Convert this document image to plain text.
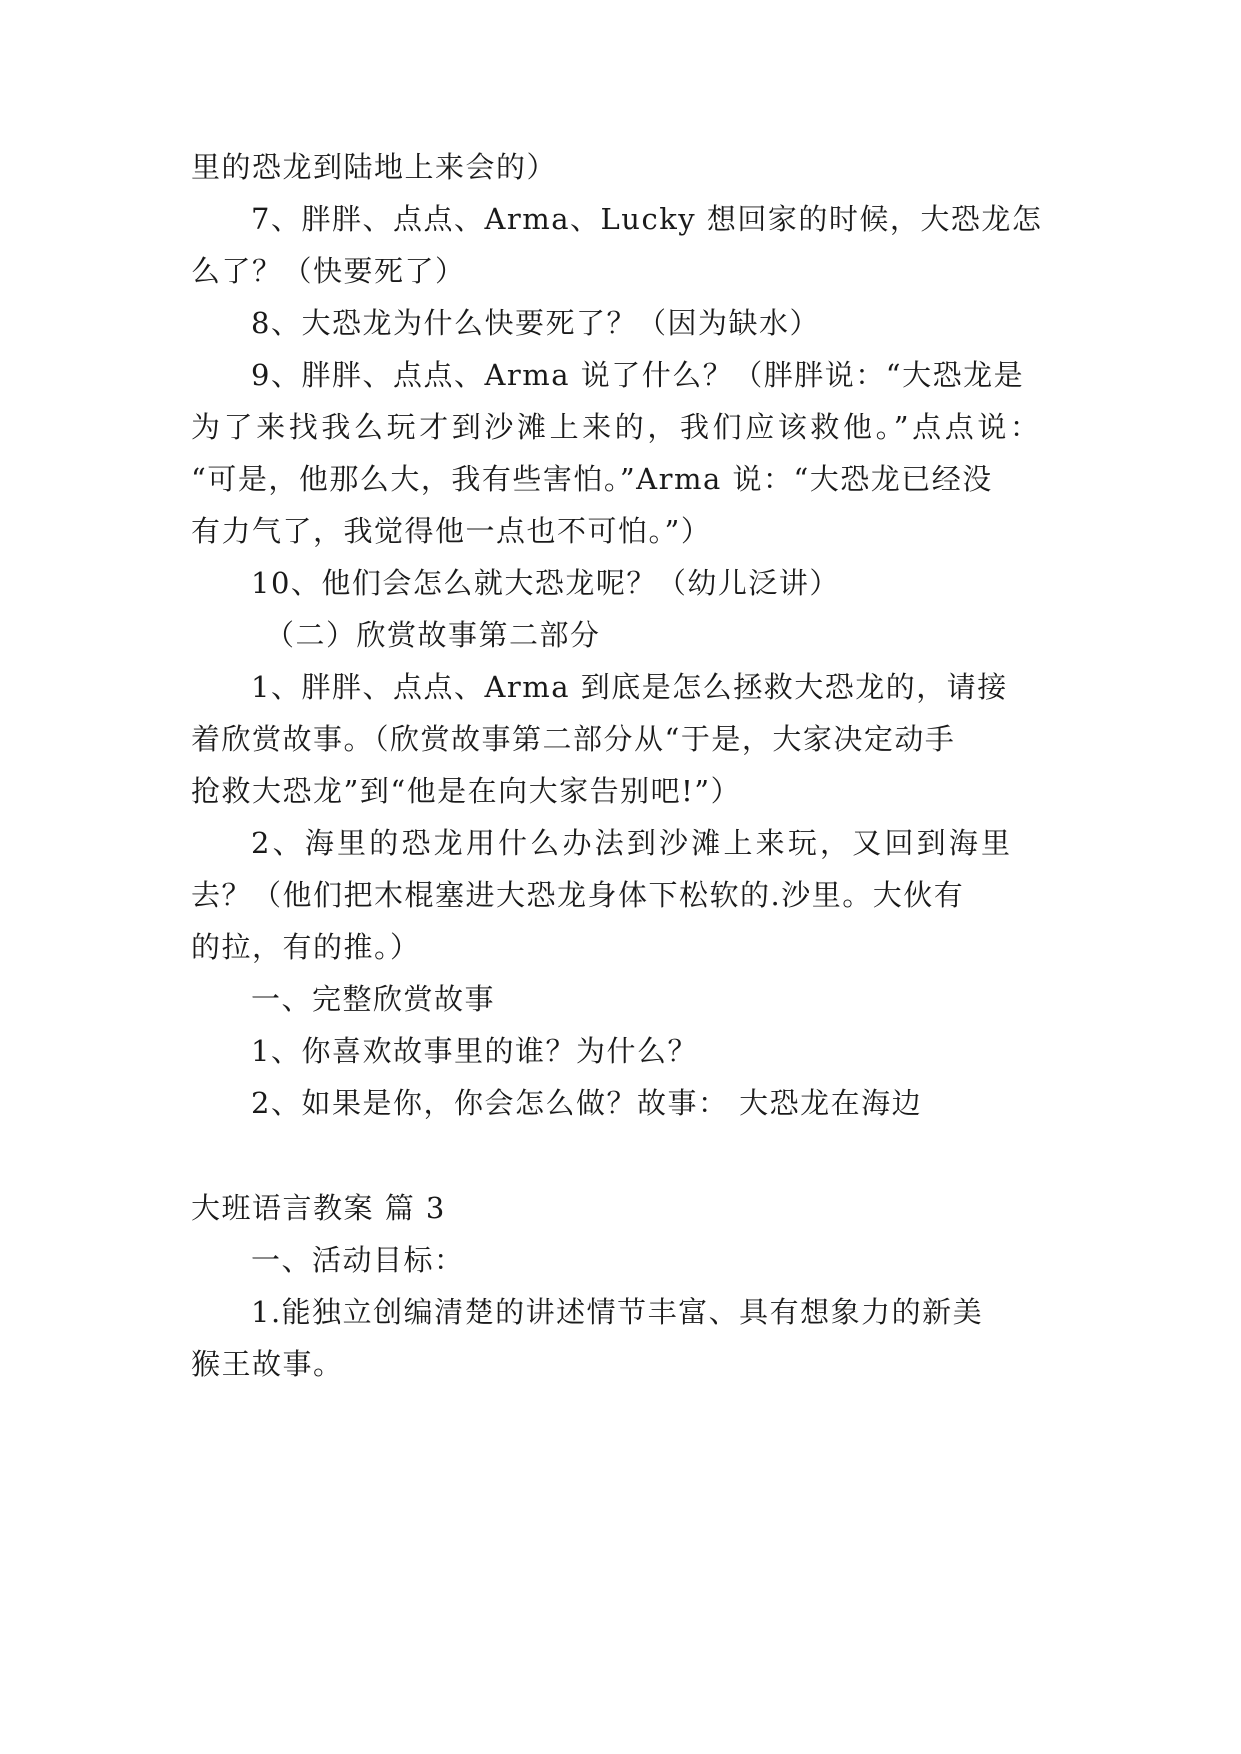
里的恐龙到陆地上来会的）
7、胖胖、点点、Arma、Lucky 想回家的时候，大恐龙怎
么了？（快要死了）
8、大恐龙为什么快要死了？（因为缺水）
9、胖胖、点点、Arma 说了什么？（胖胖说：“大恐龙是
为了来找我么玩才到沙滩上来的，我们应该救他。”点点说：
“可是，他那么大，我有些害怕。”Arma 说：“大恐龙已经没
有力气了，我觉得他一点也不可怕。”）
10、他们会怎么就大恐龙呢？（幼儿泛讲）
（二）欣赏故事第二部分
1、胖胖、点点、Arma 到底是怎么拯救大恐龙的，请接
着欣赏故事。（欣赏故事第二部分从“于是，大家决定动手
抢救大恐龙”到“他是在向大家告别吧!”）
2、海里的恐龙用什么办法到沙滩上来玩，又回到海里
去？（他们把木棍塞进大恐龙身体下松软的.沙里。大伙有
的拉，有的推。）
一、完整欣赏故事
1、你喜欢故事里的谁？为什么？
2、如果是你，你会怎么做？故事： 大恐龙在海边
大班语言教案 篇 3
一、活动目标：
1.能独立创编清楚的讲述情节丰富、具有想象力的新美
猴王故事。
